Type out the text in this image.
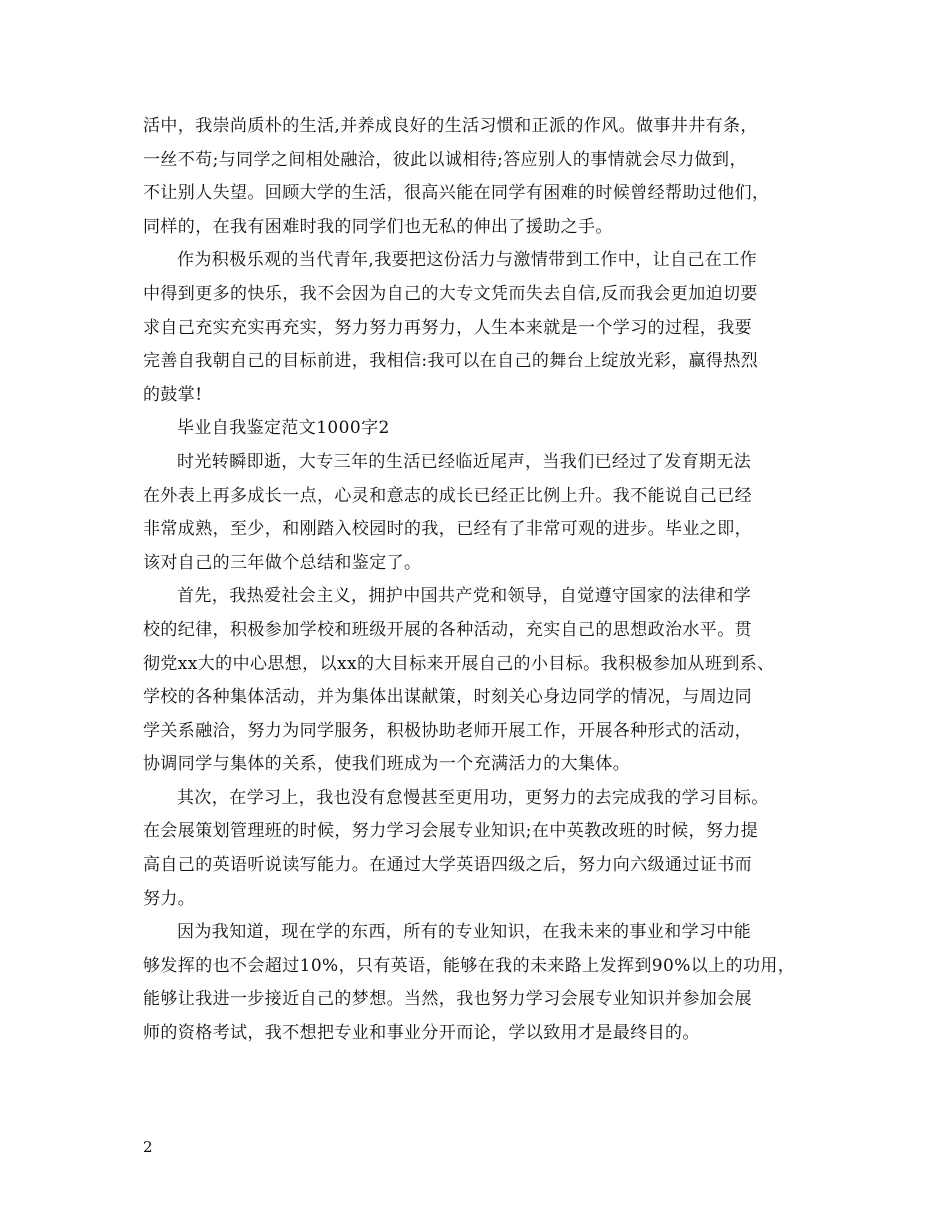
活中，我崇尚质朴的生活,并养成良好的生活习惯和正派的作风。做事井井有条，
一丝不苟;与同学之间相处融洽，彼此以诚相待;答应别人的事情就会尽力做到，
不让别人失望。回顾大学的生活，很高兴能在同学有困难的时候曾经帮助过他们，
同样的，在我有困难时我的同学们也无私的伸出了援助之手。
作为积极乐观的当代青年,我要把这份活力与激情带到工作中，让自己在工作
中得到更多的快乐，我不会因为自己的大专文凭而失去自信,反而我会更加迫切要
求自己充实充实再充实，努力努力再努力，人生本来就是一个学习的过程，我要
完善自我朝自己的目标前进，我相信:我可以在自己的舞台上绽放光彩，赢得热烈
的鼓掌!
毕业自我鉴定范文1000字2
时光转瞬即逝，大专三年的生活已经临近尾声，当我们已经过了发育期无法
在外表上再多成长一点，心灵和意志的成长已经正比例上升。我不能说自己已经
非常成熟，至少，和刚踏入校园时的我，已经有了非常可观的进步。毕业之即，
该对自己的三年做个总结和鉴定了。
首先，我热爱社会主义，拥护中国共产党和领导，自觉遵守国家的法律和学
校的纪律，积极参加学校和班级开展的各种活动，充实自己的思想政治水平。贯
彻党xx大的中心思想，以xx的大目标来开展自己的小目标。我积极参加从班到系、
学校的各种集体活动，并为集体出谋献策，时刻关心身边同学的情况，与周边同
学关系融洽，努力为同学服务，积极协助老师开展工作，开展各种形式的活动，
协调同学与集体的关系，使我们班成为一个充满活力的大集体。
其次，在学习上，我也没有怠慢甚至更用功，更努力的去完成我的学习目标。
在会展策划管理班的时候，努力学习会展专业知识;在中英教改班的时候，努力提
高自己的英语听说读写能力。在通过大学英语四级之后，努力向六级通过证书而
努力。
因为我知道，现在学的东西，所有的专业知识，在我未来的事业和学习中能
够发挥的也不会超过10%，只有英语，能够在我的未来路上发挥到90%以上的功用，
能够让我进一步接近自己的梦想。当然，我也努力学习会展专业知识并参加会展
师的资格考试，我不想把专业和事业分开而论，学以致用才是最终目的。
2
